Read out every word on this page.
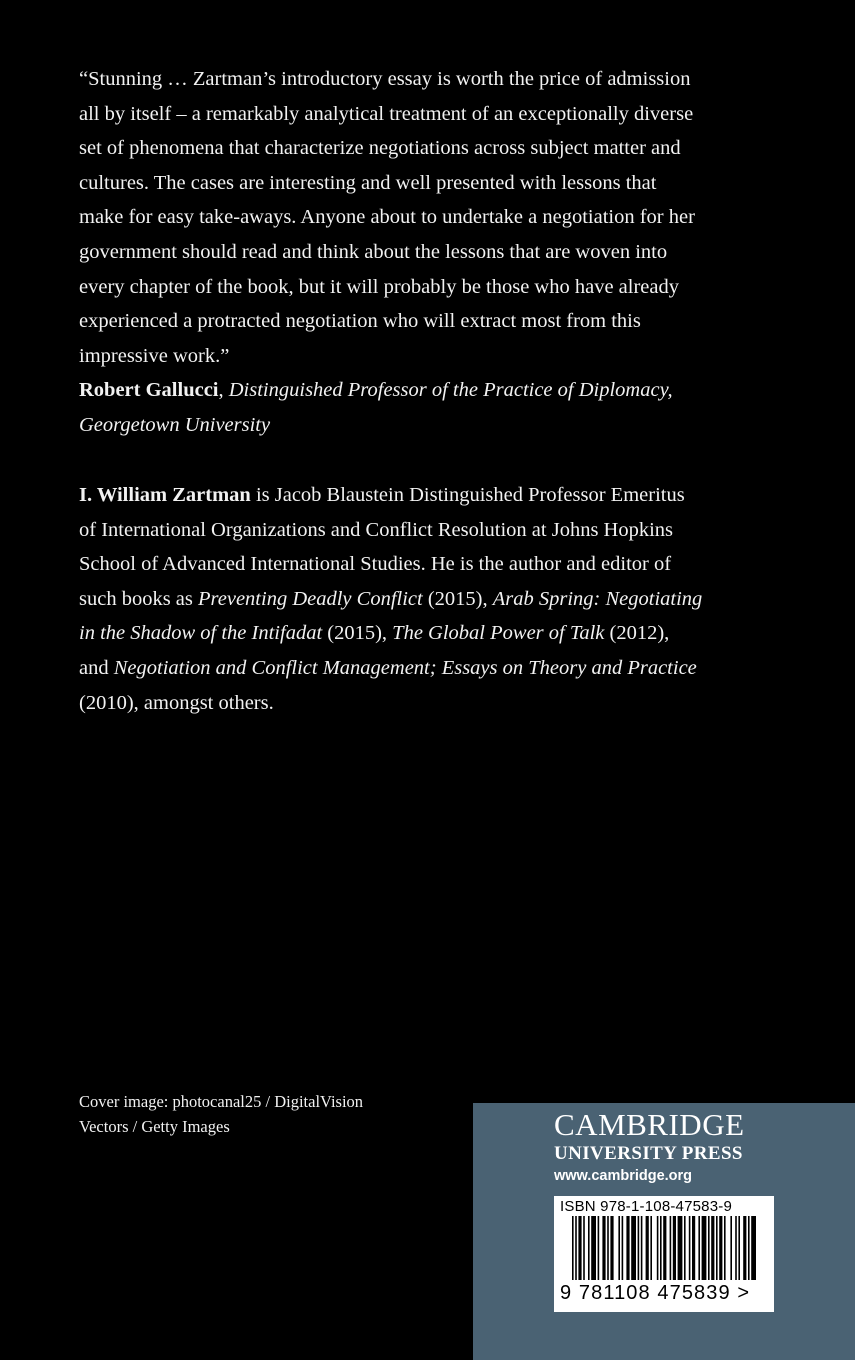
“Stunning … Zartman’s introductory essay is worth the price of admission
all by itself – a remarkably analytical treatment of an exceptionally diverse
set of phenomena that characterize negotiations across subject matter and
cultures. The cases are interesting and well presented with lessons that
make for easy take-aways. Anyone about to undertake a negotiation for her
government should read and think about the lessons that are woven into
every chapter of the book, but it will probably be those who have already
experienced a protracted negotiation who will extract most from this
impressive work.”
Robert Gallucci, Distinguished Professor of the Practice of Diplomacy,
Georgetown University
I. William Zartman is Jacob Blaustein Distinguished Professor Emeritus
of International Organizations and Conflict Resolution at Johns Hopkins
School of Advanced International Studies. He is the author and editor of
such books as Preventing Deadly Conflict (2015), Arab Spring: Negotiating
in the Shadow of the Intifadat (2015), The Global Power of Talk (2012),
and Negotiation and Conflict Management; Essays on Theory and Practice
(2010), amongst others.
Cover image: photocanal25 / DigitalVision
Vectors / Getty Images	CAMBRIDGE
UNIVERSITY PRESS
www.cambridge.org
ISBN 978-1-108-47583-9
9 781108 475839 >
